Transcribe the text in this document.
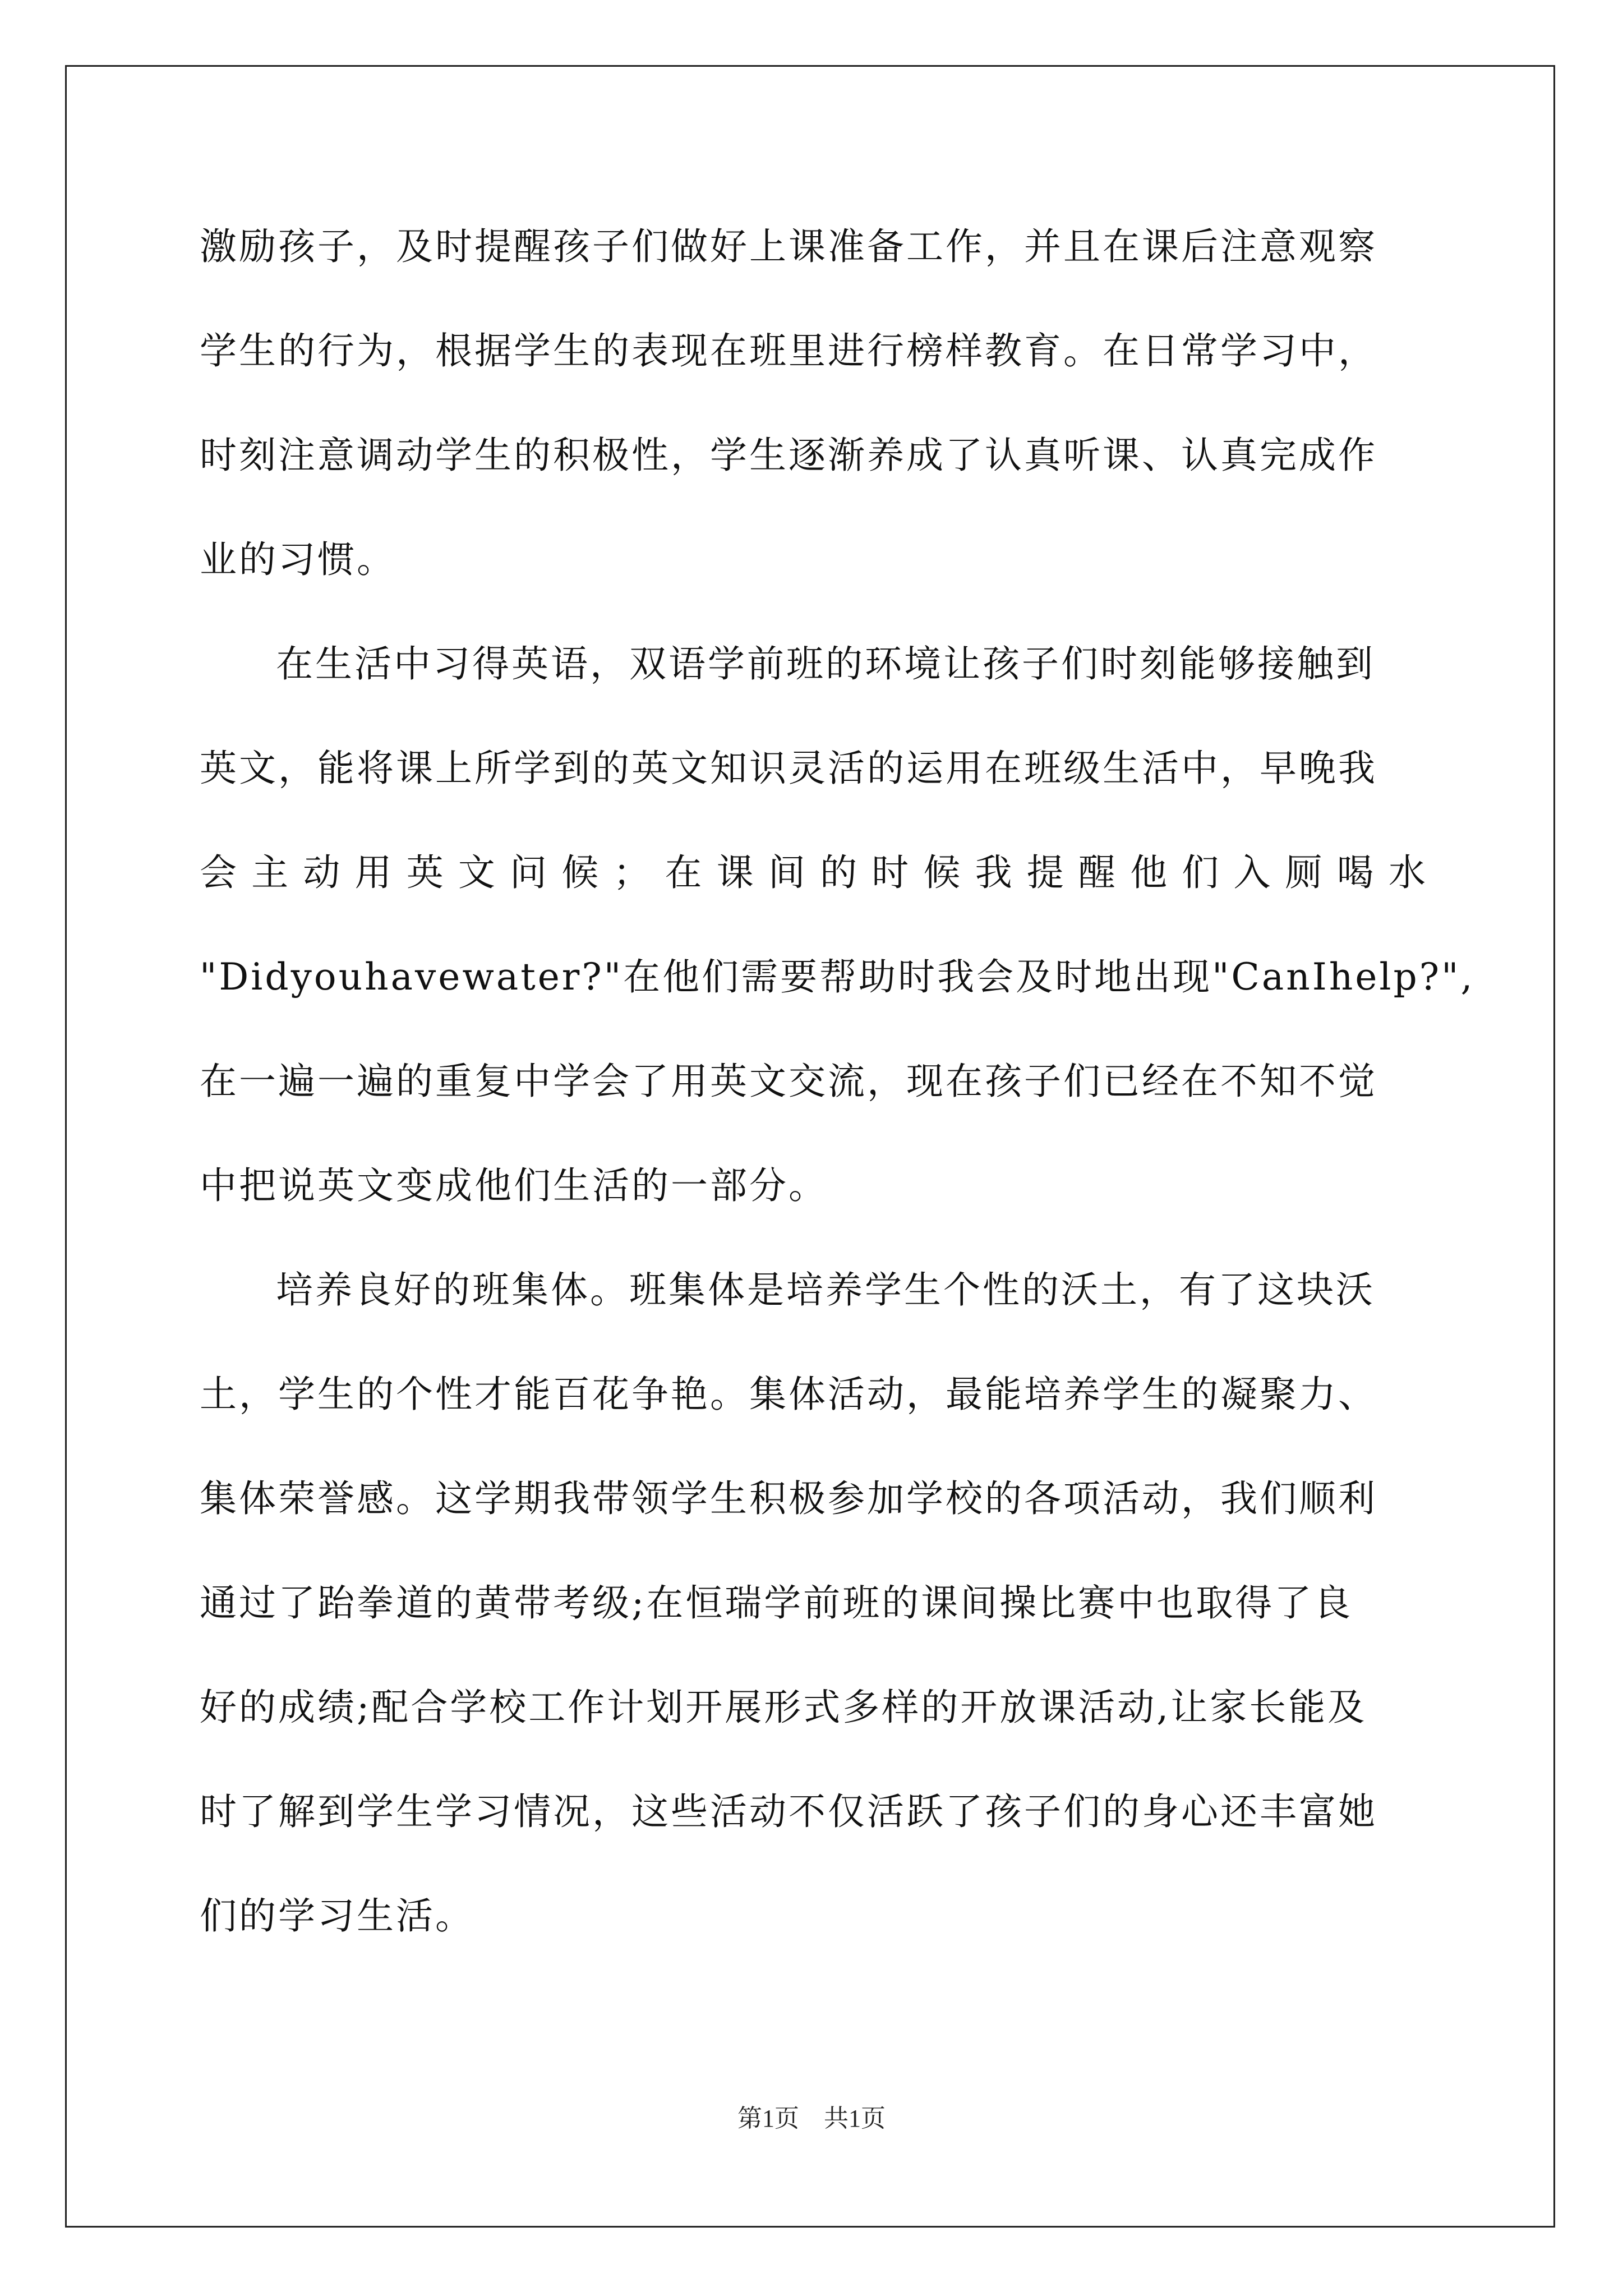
激励孩子，及时提醒孩子们做好上课准备工作，并且在课后注意观察
学生的行为，根据学生的表现在班里进行榜样教育。在日常学习中，
时刻注意调动学生的积极性，学生逐渐养成了认真听课、认真完成作
业的习惯。
在生活中习得英语，双语学前班的环境让孩子们时刻能够接触到
英文，能将课上所学到的英文知识灵活的运用在班级生活中，早晚我
会 主 动 用 英 文 问 候 ； 在 课 间 的 时 候 我 提 醒 他 们 入 厕 喝 水
"Didyouhavewater?"在他们需要帮助时我会及时地出现"CanIhelp?",
在一遍一遍的重复中学会了用英文交流，现在孩子们已经在不知不觉
中把说英文变成他们生活的一部分。
培养良好的班集体。班集体是培养学生个性的沃土，有了这块沃
土，学生的个性才能百花争艳。集体活动，最能培养学生的凝聚力、
集体荣誉感。这学期我带领学生积极参加学校的各项活动，我们顺利
通过了跆拳道的黄带考级;在恒瑞学前班的课间操比赛中也取得了良
好的成绩;配合学校工作计划开展形式多样的开放课活动,让家长能及
时了解到学生学习情况，这些活动不仅活跃了孩子们的身心还丰富她
们的学习生活。
第1页　共1页
